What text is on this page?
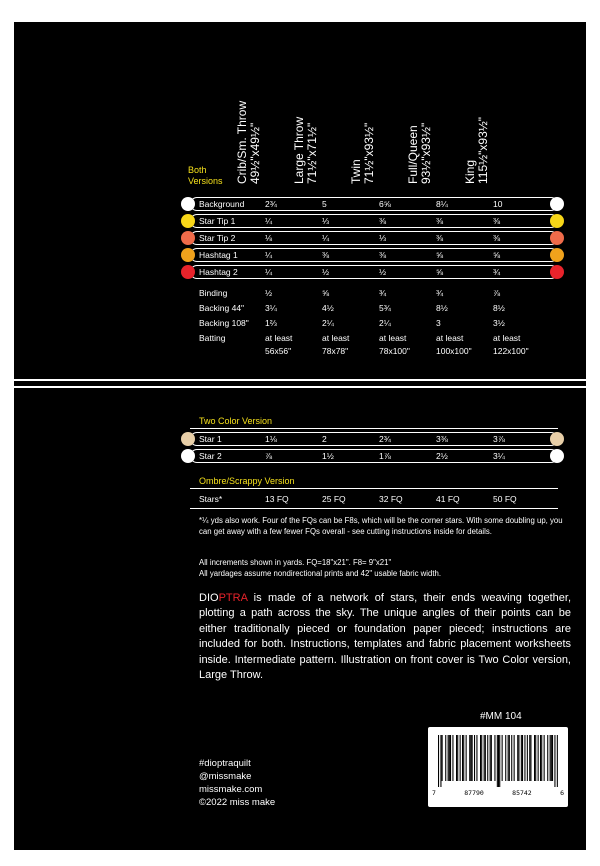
Crib/Sm. Throw 49½"x49½"	Large Throw 71½"x71½"	Twin 71½"x93½"	Full/Queen 93½"x93½"	King 115½"x93½"
Both
Versions
Background 2¾	5	6⅝	8¼	10
Star Tip 1	¼	⅓	⅜	⅜	⅜
Star Tip 2	⅛	¼	⅓	⅜	⅜
Hashtag 1	¼	⅜	⅜	⅝	⅝
Hashtag 2	¼	½	½	⅝	¾
Binding	½	⅝	¾	¾	⅞
Backing 44" 3¼	4½	5¾	8½	8½
Backing 108" 1⅔	2¼	2¼	3	3½
Batting	at least	at least	at least	at least	at least
56x56"	78x78"	78x100"	100x100"	122x100"
Two Color Version
Star 1	1⅛	2	2¾	3⅜	3⅞
Star 2	⅞	1½	1⅞	2½	3¼
Ombre/Scrappy Version
Stars*	13 FQ	25 FQ	32 FQ	41 FQ	50 FQ
*¼ yds also work. Four of the FQs can be F8s, which will be the corner stars. With some doubling up, you can get away with a few fewer FQs overall - see cutting instructions inside for details.
All increments shown in yards. FQ=18"x21". F8= 9"x21"
All yardages assume nondirectional prints and 42" usable fabric width.
DIOPTRA is made of a network of stars, their ends weaving together, plotting a path across the sky. The unique angles of their points can be either traditionally pieced or foundation paper pieced; instructions are included for both. Instructions, templates and fabric placement worksheets inside. Intermediate pattern. Illustration on front cover is Two Color version, Large Throw.
#MM 104
7	87790	85742	6
#dioptraquilt
@missmake
missmake.com
©2022 miss make
